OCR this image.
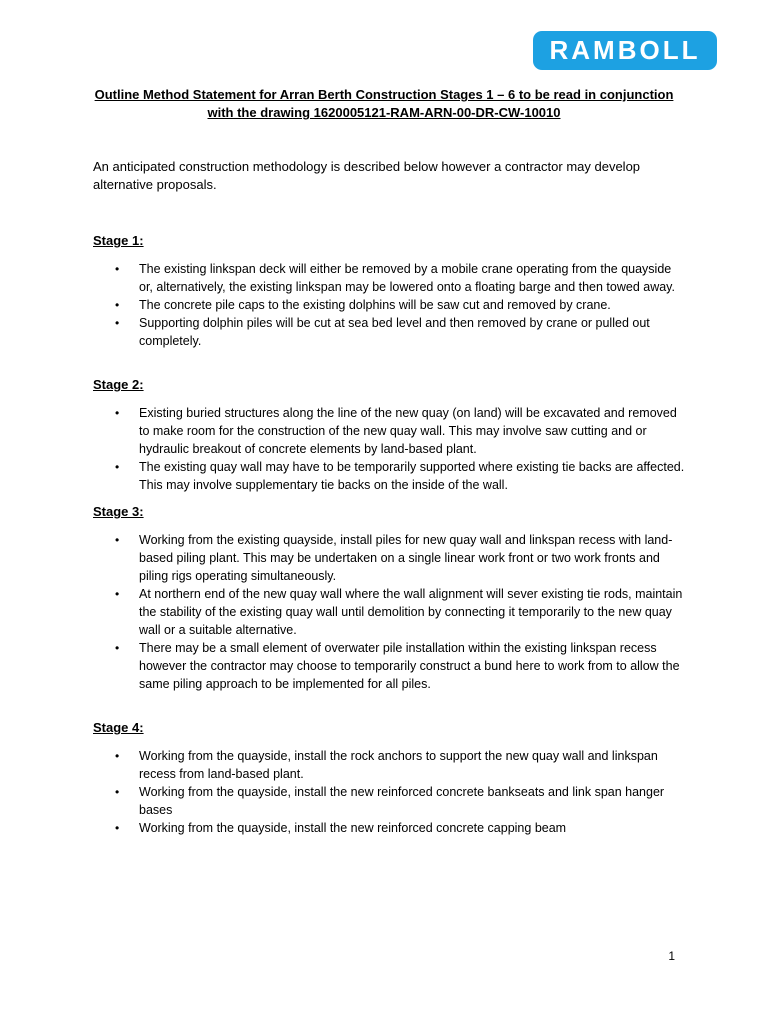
RAMBOLL
Outline Method Statement for Arran Berth Construction Stages 1 – 6 to be read in conjunction
with the drawing 1620005121-RAM-ARN-00-DR-CW-10010
An anticipated construction methodology is described below however a contractor may develop alternative proposals.
Stage 1:
• The existing linkspan deck will either be removed by a mobile crane operating from the quayside or, alternatively, the existing linkspan may be lowered onto a floating barge and then towed away.
• The concrete pile caps to the existing dolphins will be saw cut and removed by crane.
• Supporting dolphin piles will be cut at sea bed level and then removed by crane or pulled out completely.
Stage 2:
• Existing buried structures along the line of the new quay (on land) will be excavated and removed to make room for the construction of the new quay wall. This may involve saw cutting and or hydraulic breakout of concrete elements by land-based plant.
• The existing quay wall may have to be temporarily supported where existing tie backs are affected. This may involve supplementary tie backs on the inside of the wall.
Stage 3:
• Working from the existing quayside, install piles for new quay wall and linkspan recess with land-based piling plant. This may be undertaken on a single linear work front or two work fronts and piling rigs operating simultaneously.
• At northern end of the new quay wall where the wall alignment will sever existing tie rods, maintain the stability of the existing quay wall until demolition by connecting it temporarily to the new quay wall or a suitable alternative.
• There may be a small element of overwater pile installation within the existing linkspan recess however the contractor may choose to temporarily construct a bund here to work from to allow the same piling approach to be implemented for all piles.
Stage 4:
• Working from the quayside, install the rock anchors to support the new quay wall and linkspan recess from land-based plant.
• Working from the quayside, install the new reinforced concrete bankseats and link span hanger bases
• Working from the quayside, install the new reinforced concrete capping beam
1
